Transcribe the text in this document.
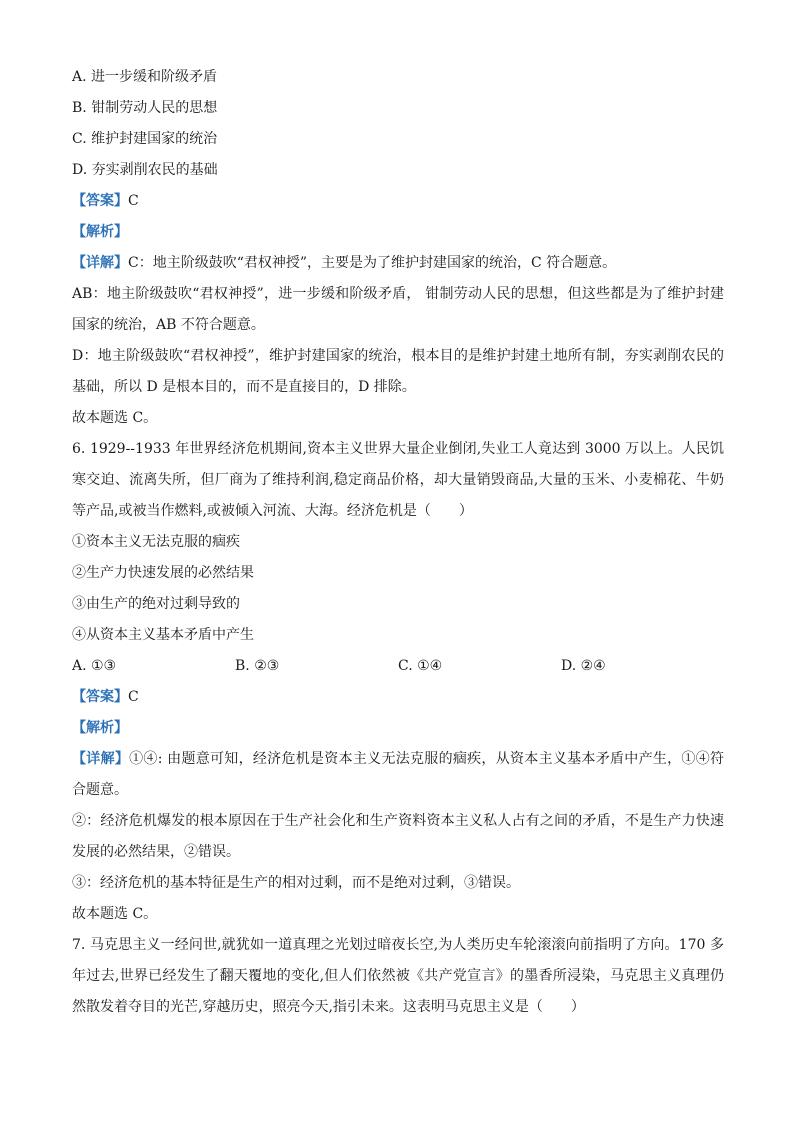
A. 进一步缓和阶级矛盾
B. 钳制劳动人民的思想
C. 维护封建国家的统治
D. 夯实剥削农民的基础
【答案】C
【解析】
【详解】C：地主阶级鼓吹“君权神授”，主要是为了维护封建国家的统治，C 符合题意。
AB：地主阶级鼓吹“君权神授”，进一步缓和阶级矛盾， 钳制劳动人民的思想，但这些都是为了维护封建国家的统治，AB 不符合题意。
D：地主阶级鼓吹“君权神授”，维护封建国家的统治，根本目的是维护封建土地所有制，夯实剥削农民的基础，所以 D 是根本目的，而不是直接目的，D 排除。
故本题选 C。
6. 1929--1933 年世界经济危机期间,资本主义世界大量企业倒闭,失业工人竟达到 3000 万以上。人民饥寒交迫、流离失所，但厂商为了维持利润,稳定商品价格，却大量销毁商品,大量的玉米、小麦棉花、牛奶等产品,或被当作燃料,或被倾入河流、大海。经济危机是（　　）
①资本主义无法克服的痼疾
②生产力快速发展的必然结果
③由生产的绝对过剩导致的
④从资本主义基本矛盾中产生
A. ①③	B. ②③	C. ①④	D. ②④
【答案】C
【解析】
【详解】①④: 由题意可知，经济危机是资本主义无法克服的痼疾，从资本主义基本矛盾中产生，①④符合题意。
②：经济危机爆发的根本原因在于生产社会化和生产资料资本主义私人占有之间的矛盾，不是生产力快速发展的必然结果，②错误。
③：经济危机的基本特征是生产的相对过剩，而不是绝对过剩，③错误。
故本题选 C。
7. 马克思主义一经问世,就犹如一道真理之光划过暗夜长空,为人类历史车轮滚滚向前指明了方向。170 多年过去,世界已经发生了翻天覆地的变化,但人们依然被《共产党宣言》的墨香所浸染，马克思主义真理仍然散发着夺目的光芒,穿越历史，照亮今天,指引未来。这表明马克思主义是（　　）
